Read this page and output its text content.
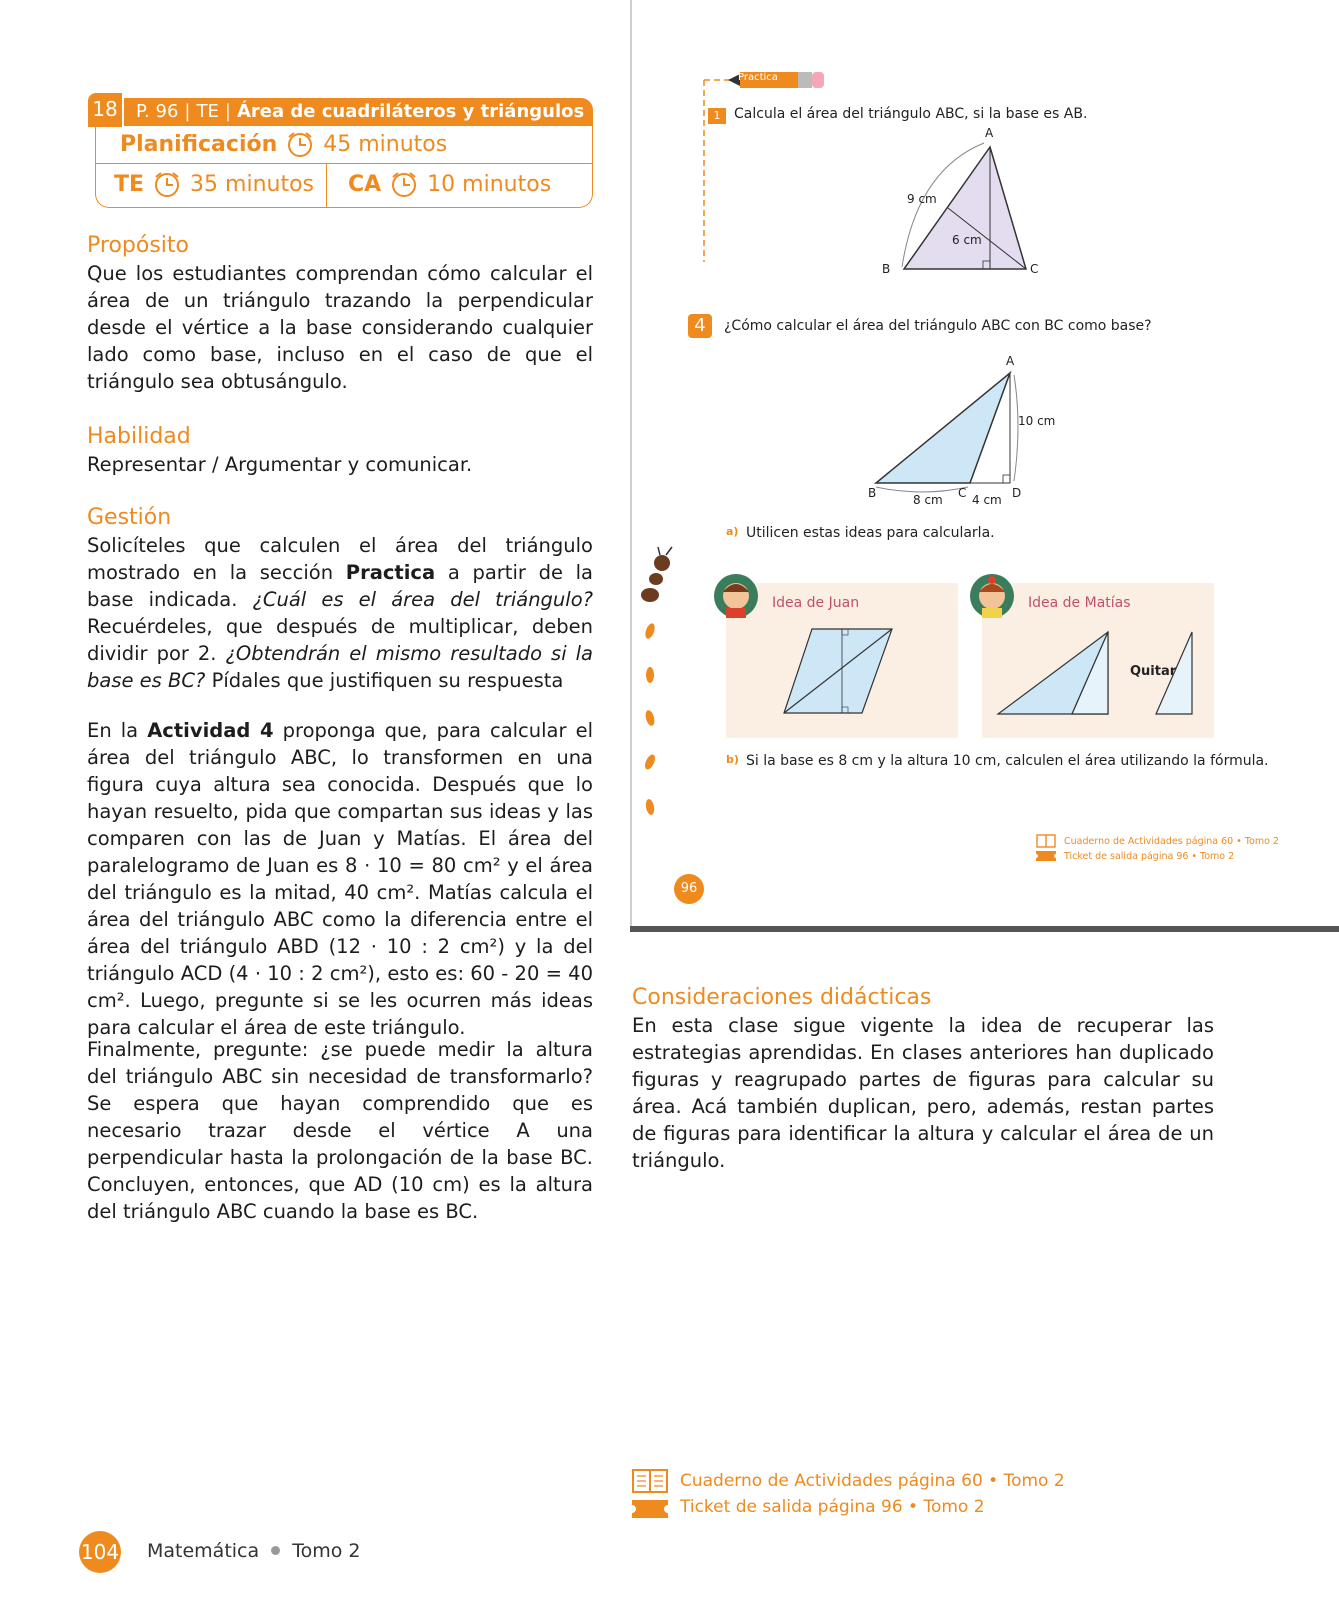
18	P. 96 | TE | Área de cuadriláteros y triángulos
Planificación 45 minutos
TE 35 minutos CA 10 minutos
Propósito
Que los estudiantes comprendan cómo calcular el área de un triángulo trazando la perpendicular desde el vértice a la base considerando cualquier lado como base, incluso en el caso de que el triángulo sea obtusángulo.
Habilidad
Representar / Argumentar y comunicar.
Gestión
Solicíteles que calculen el área del triángulo mostrado en la sección Practica a partir de la base indicada. ¿Cuál es el área del triángulo? Recuérdeles, que después de multiplicar, deben dividir por 2. ¿Obtendrán el mismo resultado si la base es BC? Pídales que justifiquen su respuesta
En la Actividad 4 proponga que, para calcular el área del triángulo ABC, lo transformen en una figura cuya altura sea conocida. Después que lo hayan resuelto, pida que compartan sus ideas y las comparen con las de Juan y Matías. El área del paralelogramo de Juan es 8 · 10 = 80 cm² y el área del triángulo es la mitad, 40 cm². Matías calcula el área del triángulo ABC como la diferencia entre el área del triángulo ABD (12 · 10 : 2 cm²) y la del triángulo ACD (4 · 10 : 2 cm²), esto es: 60 - 20 = 40 cm². Luego, pregunte si se les ocurren más ideas para calcular el área de este triángulo.
Finalmente, pregunte: ¿se puede medir la altura del triángulo ABC sin necesidad de transformarlo? Se espera que hayan comprendido que es necesario trazar desde el vértice A una perpendicular hasta la prolongación de la base BC. Concluyen, entonces, que AD (10 cm) es la altura del triángulo ABC cuando la base es BC.
Practica
1 Calcula el área del triángulo ABC, si la base es AB.
A
B	C
9 cm
6 cm
4	¿Cómo calcular el área del triángulo ABC con BC como base?
A
10 cm
B	C	D
8 cm 4 cm
a) Utilicen estas ideas para calcularla.
Idea de Juan	Idea de Matías
Quitar
b) Si la base es 8 cm y la altura 10 cm, calculen el área utilizando la fórmula.
Cuaderno de Actividades página 60 • Tomo 2
Ticket de salida página 96 • Tomo 2
96
Consideraciones didácticas
En esta clase sigue vigente la idea de recuperar las estrategias aprendidas. En clases anteriores han duplicado figuras y reagrupado partes de figuras para calcular su área. Acá también duplican, pero, además, restan partes de figuras para identificar la altura y calcular el área de un triángulo.
Cuaderno de Actividades página 60 • Tomo 2
Ticket de salida página 96 • Tomo 2
104 Matemática Tomo 2
